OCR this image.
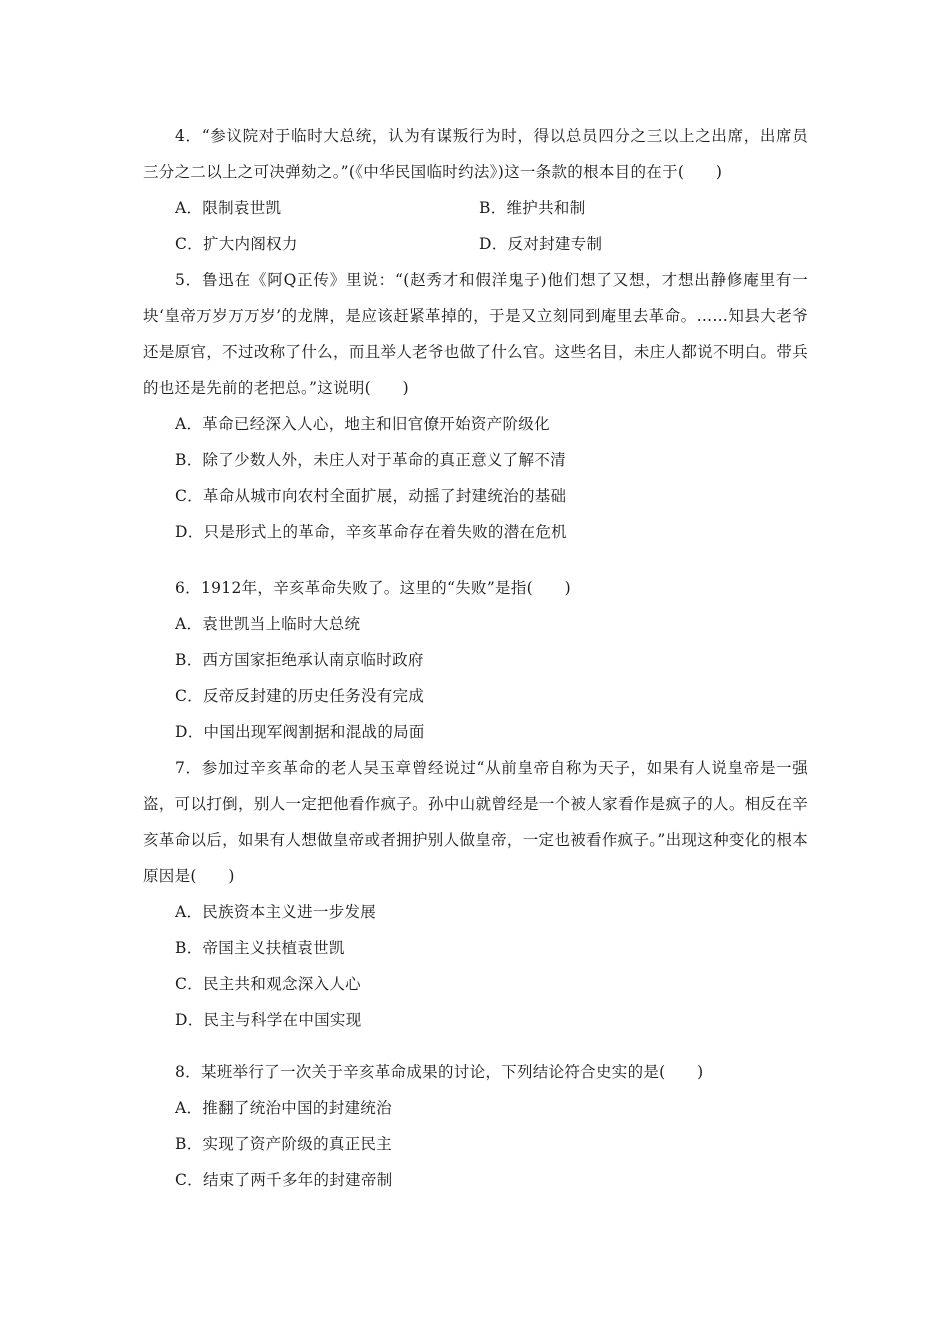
4．“参议院对于临时大总统，认为有谋叛行为时，得以总员四分之三以上之出席，出席员三分之二以上之可决弹劾之。”(《中华民国临时约法》)这一条款的根本目的在于(　　)
A．限制袁世凯	B．维护共和制
C．扩大内阁权力	D．反对封建专制
5．鲁迅在《阿Q正传》里说：“(赵秀才和假洋鬼子)他们想了又想，才想出静修庵里有一块‘皇帝万岁万万岁’的龙牌，是应该赶紧革掉的，于是又立刻同到庵里去革命。……知县大老爷还是原官，不过改称了什么，而且举人老爷也做了什么官。这些名目，未庄人都说不明白。带兵的也还是先前的老把总。”这说明(　　)
A．革命已经深入人心，地主和旧官僚开始资产阶级化
B．除了少数人外，未庄人对于革命的真正意义了解不清
C．革命从城市向农村全面扩展，动摇了封建统治的基础
D．只是形式上的革命，辛亥革命存在着失败的潜在危机
6．1912年，辛亥革命失败了。这里的“失败”是指(　　)
A．袁世凯当上临时大总统
B．西方国家拒绝承认南京临时政府
C．反帝反封建的历史任务没有完成
D．中国出现军阀割据和混战的局面
7．参加过辛亥革命的老人吴玉章曾经说过“从前皇帝自称为天子，如果有人说皇帝是一强盗，可以打倒，别人一定把他看作疯子。孙中山就曾经是一个被人家看作是疯子的人。相反在辛亥革命以后，如果有人想做皇帝或者拥护别人做皇帝，一定也被看作疯子。”出现这种变化的根本原因是(　　)
A．民族资本主义进一步发展
B．帝国主义扶植袁世凯
C．民主共和观念深入人心
D．民主与科学在中国实现
8．某班举行了一次关于辛亥革命成果的讨论，下列结论符合史实的是(　　)
A．推翻了统治中国的封建统治
B．实现了资产阶级的真正民主
C．结束了两千多年的封建帝制
